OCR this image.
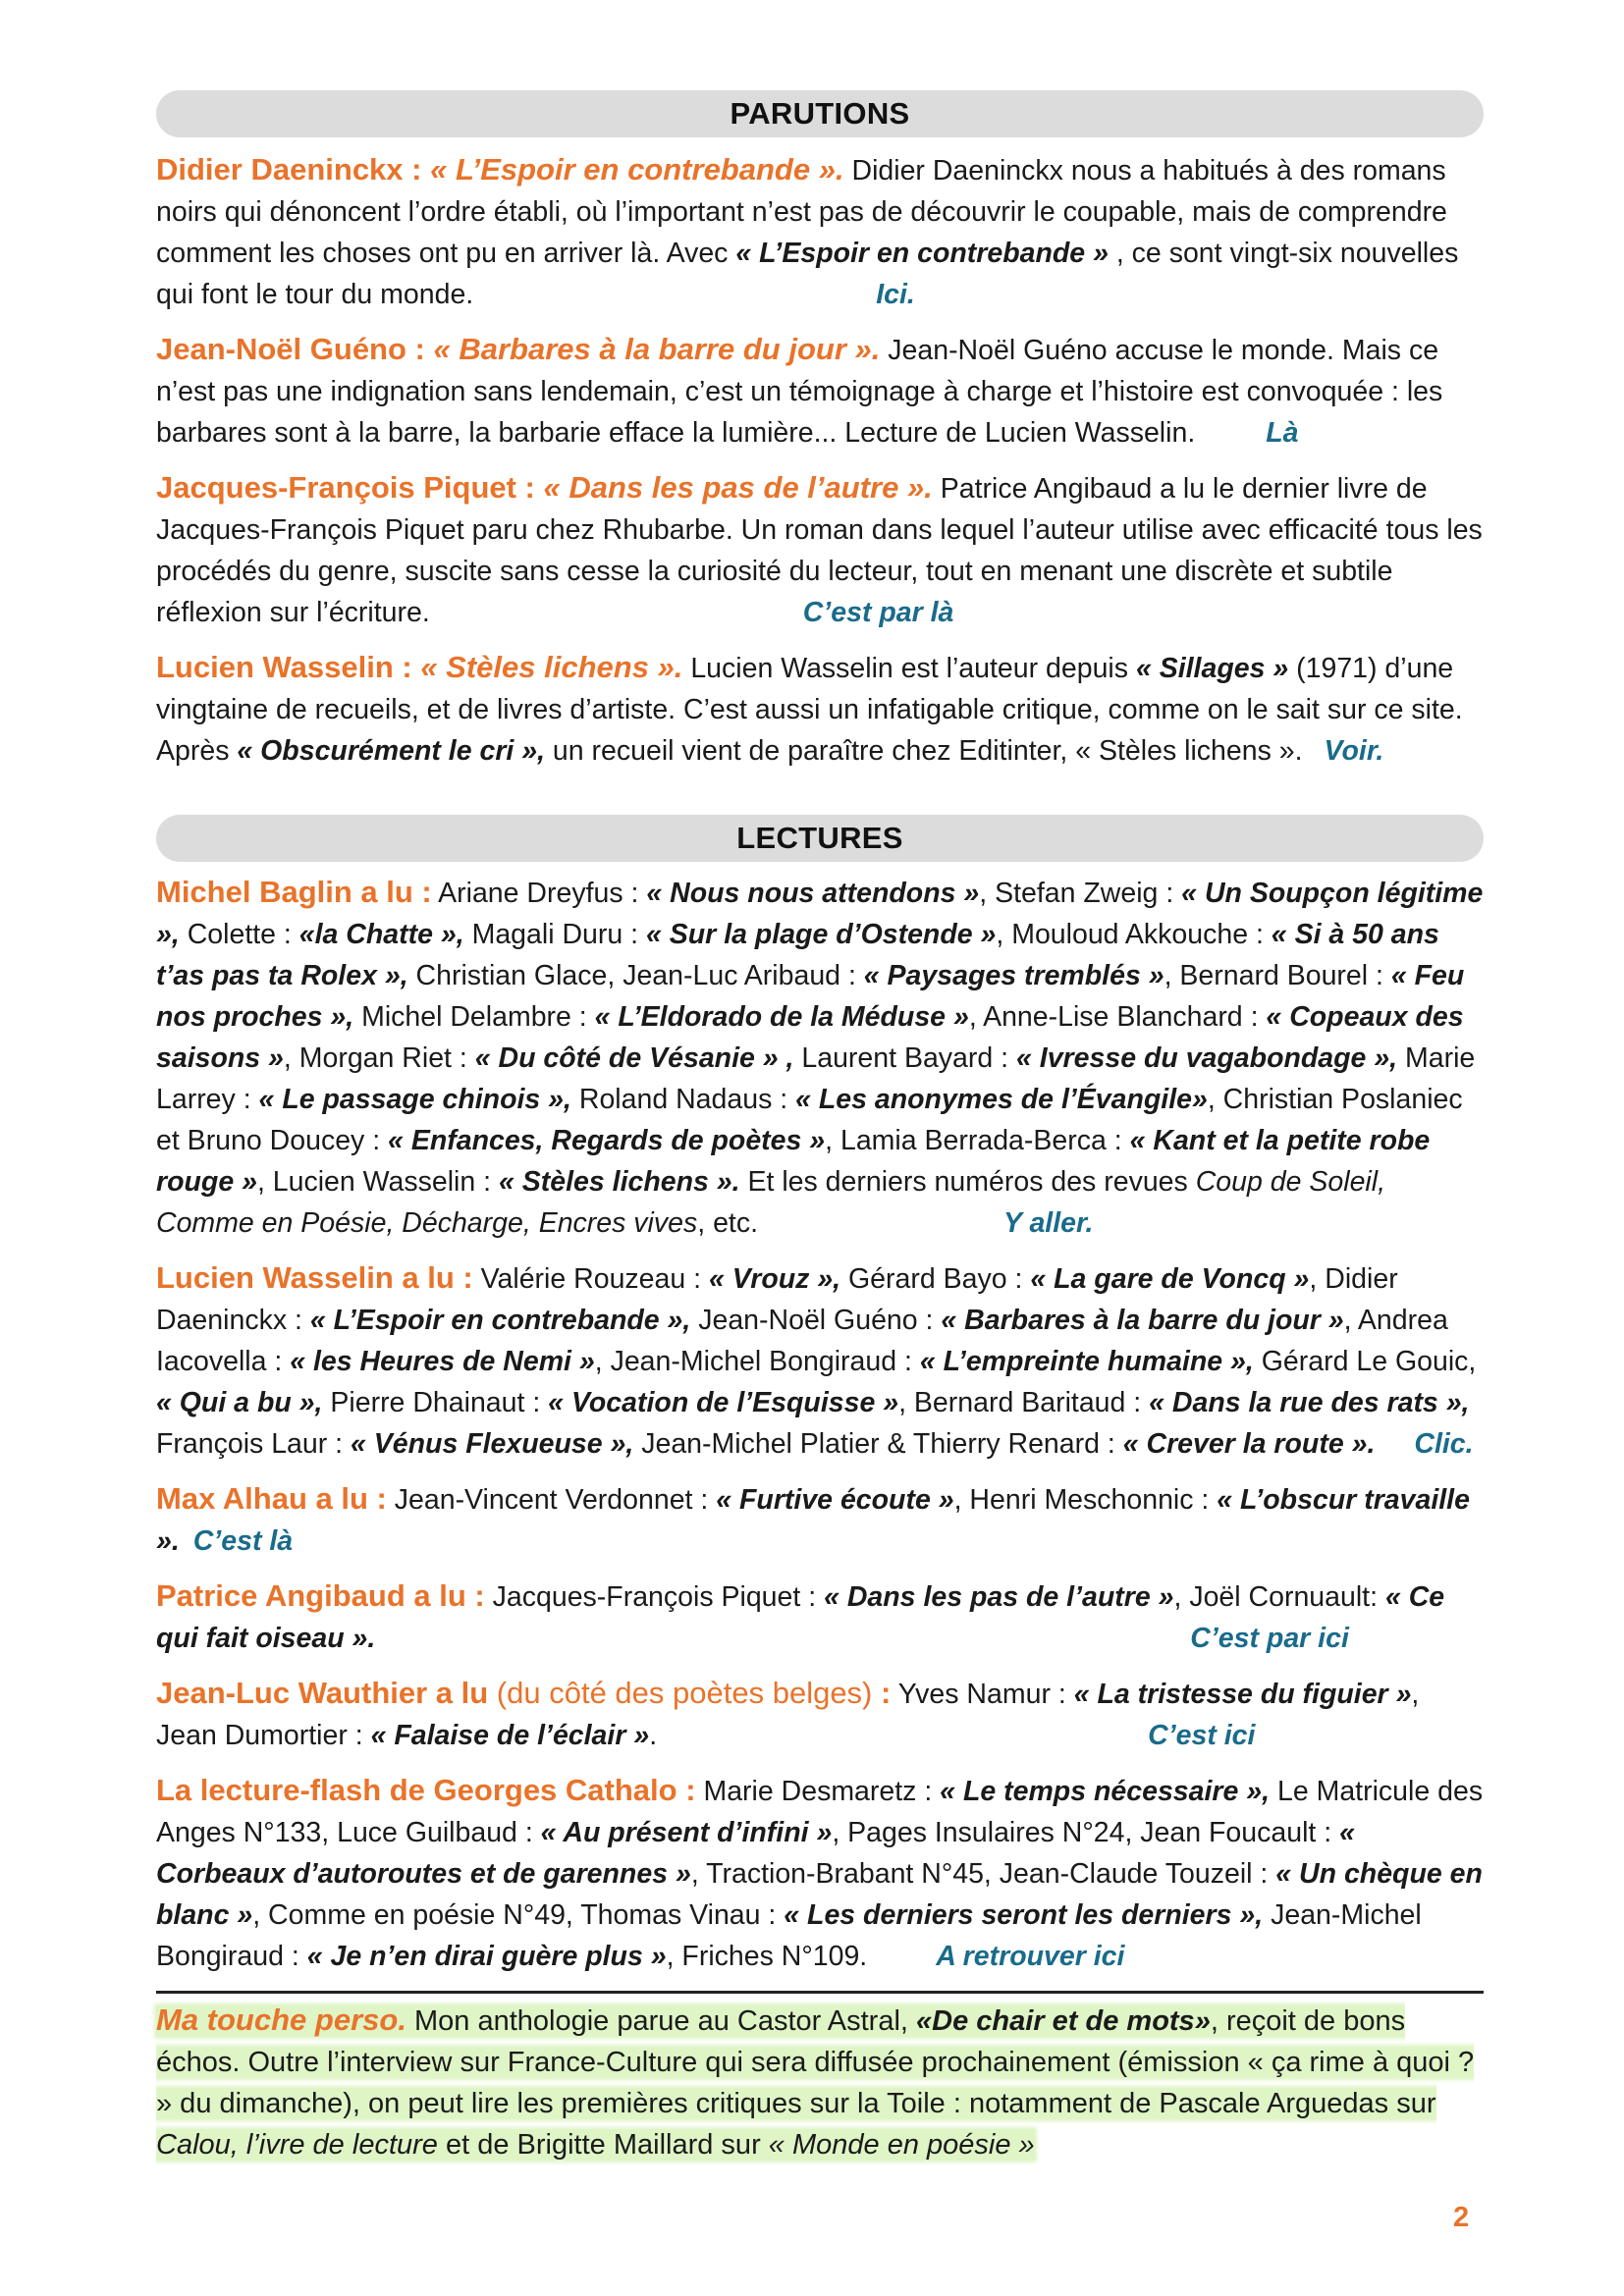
PARUTIONS

Didier Daeninckx : « L’Espoir en contrebande ». Didier Daeninckx nous a habitués à des romans noirs qui dénoncent l’ordre établi, où l’important n’est pas de découvrir le coupable, mais de comprendre comment les choses ont pu en arriver là. Avec « L’Espoir en contrebande » , ce sont vingt-six nouvelles qui font le tour du monde.	Ici.

Jean-Noël Guéno : « Barbares à la barre du jour ». Jean-Noël Guéno accuse le monde. Mais ce n’est pas une indignation sans lendemain, c’est un témoignage à charge et l’histoire est convoquée : les barbares sont à la barre, la barbarie efface la lumière... Lecture de Lucien Wasselin.	Là

Jacques-François Piquet : « Dans les pas de l’autre ». Patrice Angibaud a lu le dernier livre de Jacques-François Piquet paru chez Rhubarbe. Un roman dans lequel l’auteur utilise avec efficacité tous les procédés du genre, suscite sans cesse la curiosité du lecteur, tout en menant une discrète et subtile réflexion sur l’écriture.	C’est par là

Lucien Wasselin : « Stèles lichens ». Lucien Wasselin est l’auteur depuis « Sillages » (1971) d’une vingtaine de recueils, et de livres d’artiste. C’est aussi un infatigable critique, comme on le sait sur ce site. Après « Obscurément le cri », un recueil vient de paraître chez Editinter, « Stèles lichens ». Voir.

LECTURES

Michel Baglin a lu : Ariane Dreyfus : « Nous nous attendons », Stefan Zweig : « Un Soupçon légitime », Colette : «la Chatte », Magali Duru : « Sur la plage d’Ostende », Mouloud Akkouche : « Si à 50 ans t’as pas ta Rolex », Christian Glace, Jean-Luc Aribaud : « Paysages tremblés », Bernard Bourel : « Feu nos proches », Michel Delambre : « L’Eldorado de la Méduse », Anne-Lise Blanchard : « Copeaux des saisons », Morgan Riet : « Du côté de Vésanie » , Laurent Bayard : « Ivresse du vagabondage », Marie Larrey : « Le passage chinois », Roland Nadaus : « Les anonymes de l’Évangile», Christian Poslaniec et Bruno Doucey : « Enfances, Regards de poètes », Lamia Berrada-Berca : « Kant et la petite robe rouge », Lucien Wasselin : « Stèles lichens ». Et les derniers numéros des revues Coup de Soleil, Comme en Poésie, Décharge, Encres vives, etc.	Y aller.

Lucien Wasselin a lu : Valérie Rouzeau : « Vrouz », Gérard Bayo : « La gare de Voncq », Didier Daeninckx : « L’Espoir en contrebande », Jean-Noël Guéno : « Barbares à la barre du jour », Andrea Iacovella : « les Heures de Nemi », Jean-Michel Bongiraud : « L’empreinte humaine », Gérard Le Gouic, « Qui a bu », Pierre Dhainaut : « Vocation de l’Esquisse », Bernard Baritaud : « Dans la rue des rats », François Laur : « Vénus Flexueuse », Jean-Michel Platier & Thierry Renard : « Crever la route ». Clic.

Max Alhau a lu : Jean-Vincent Verdonnet : « Furtive écoute », Henri Meschonnic : « L’obscur travaille ». C’est là

Patrice Angibaud a lu : Jacques-François Piquet : « Dans les pas de l’autre », Joël Cornuault: « Ce qui fait oiseau ».	C’est par ici

Jean-Luc Wauthier a lu (du côté des poètes belges) : Yves Namur : « La tristesse du figuier », Jean Dumortier : « Falaise de l’éclair ».	C’est ici

La lecture-flash de Georges Cathalo : Marie Desmaretz : « Le temps nécessaire », Le Matricule des Anges N°133, Luce Guilbaud : « Au présent d’infini », Pages Insulaires N°24, Jean Foucault : « Corbeaux d’autoroutes et de garennes », Traction-Brabant N°45, Jean-Claude Touzeil : « Un chèque en blanc », Comme en poésie N°49, Thomas Vinau : « Les derniers seront les derniers », Jean-Michel Bongiraud : « Je n’en dirai guère plus », Friches N°109. A retrouver ici

Ma touche perso. Mon anthologie parue au Castor Astral, «De chair et de mots», reçoit de bons échos. Outre l’interview sur France-Culture qui sera diffusée prochainement (émission « ça rime à quoi ? » du dimanche), on peut lire les premières critiques sur la Toile : notamment de Pascale Arguedas sur Calou, l’ivre de lecture et de Brigitte Maillard sur « Monde en poésie »

2
